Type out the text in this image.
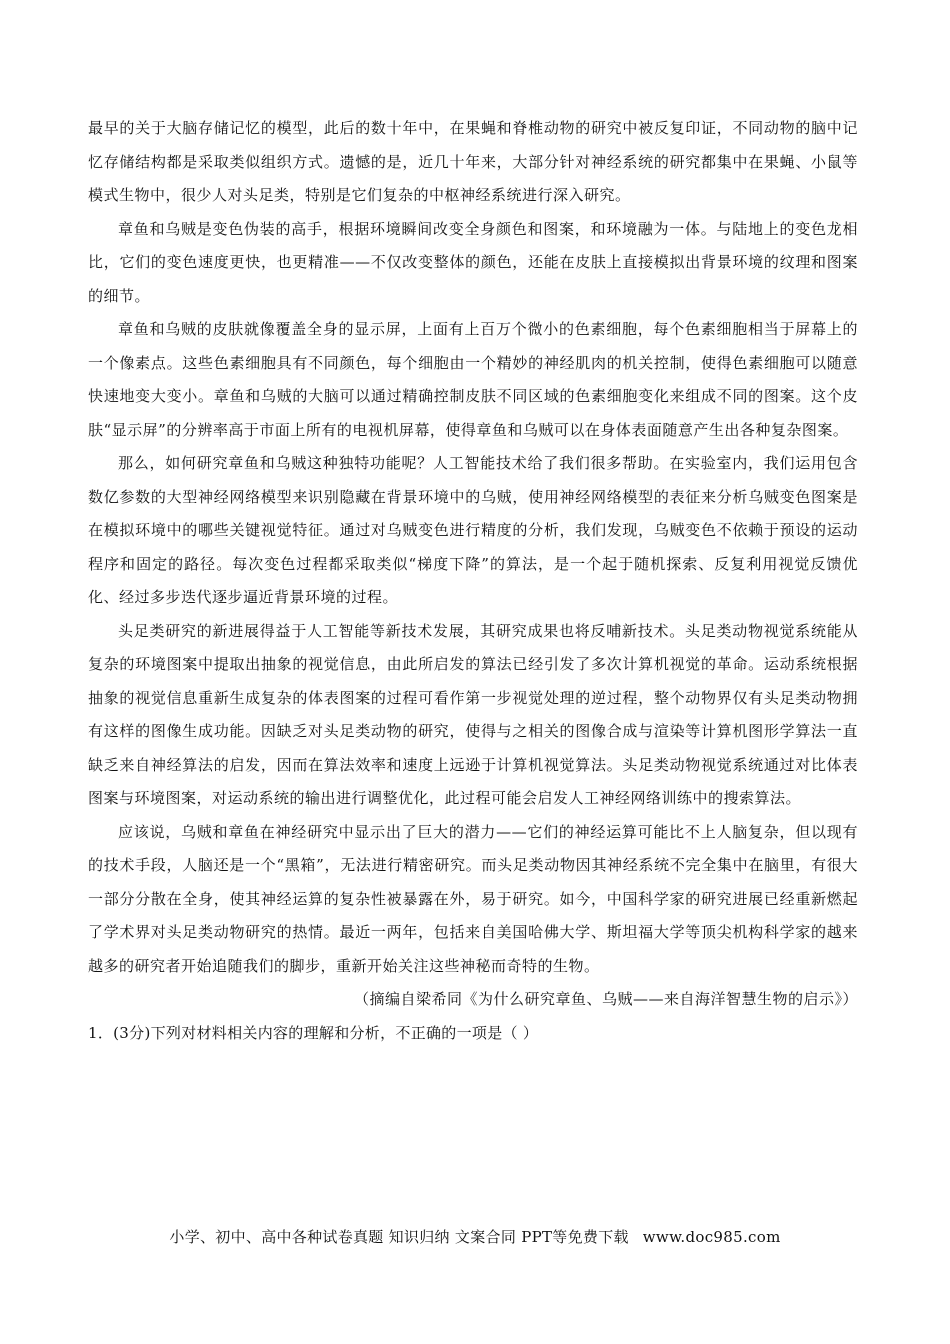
最早的关于大脑存储记忆的模型，此后的数十年中，在果蝇和脊椎动物的研究中被反复印证，不同动物的脑中记忆存储结构都是采取类似组织方式。遗憾的是，近几十年来，大部分针对神经系统的研究都集中在果蝇、小鼠等模式生物中，很少人对头足类，特别是它们复杂的中枢神经系统进行深入研究。

章鱼和乌贼是变色伪装的高手，根据环境瞬间改变全身颜色和图案，和环境融为一体。与陆地上的变色龙相比，它们的变色速度更快，也更精准——不仅改变整体的颜色，还能在皮肤上直接模拟出背景环境的纹理和图案的细节。

章鱼和乌贼的皮肤就像覆盖全身的显示屏，上面有上百万个微小的色素细胞，每个色素细胞相当于屏幕上的一个像素点。这些色素细胞具有不同颜色，每个细胞由一个精妙的神经肌肉的机关控制，使得色素细胞可以随意快速地变大变小。章鱼和乌贼的大脑可以通过精确控制皮肤不同区域的色素细胞变化来组成不同的图案。这个皮肤“显示屏”的分辨率高于市面上所有的电视机屏幕，使得章鱼和乌贼可以在身体表面随意产生出各种复杂图案。

那么，如何研究章鱼和乌贼这种独特功能呢？人工智能技术给了我们很多帮助。在实验室内，我们运用包含数亿参数的大型神经网络模型来识别隐藏在背景环境中的乌贼，使用神经网络模型的表征来分析乌贼变色图案是在模拟环境中的哪些关键视觉特征。通过对乌贼变色进行精度的分析，我们发现，乌贼变色不依赖于预设的运动程序和固定的路径。每次变色过程都采取类似“梯度下降”的算法，是一个起于随机探索、反复利用视觉反馈优化、经过多步迭代逐步逼近背景环境的过程。

头足类研究的新进展得益于人工智能等新技术发展，其研究成果也将反哺新技术。头足类动物视觉系统能从复杂的环境图案中提取出抽象的视觉信息，由此所启发的算法已经引发了多次计算机视觉的革命。运动系统根据抽象的视觉信息重新生成复杂的体表图案的过程可看作第一步视觉处理的逆过程，整个动物界仅有头足类动物拥有这样的图像生成功能。因缺乏对头足类动物的研究，使得与之相关的图像合成与渲染等计算机图形学算法一直缺乏来自神经算法的启发，因而在算法效率和速度上远逊于计算机视觉算法。头足类动物视觉系统通过对比体表图案与环境图案，对运动系统的输出进行调整优化，此过程可能会启发人工神经网络训练中的搜索算法。

应该说，乌贼和章鱼在神经研究中显示出了巨大的潜力——它们的神经运算可能比不上人脑复杂，但以现有的技术手段，人脑还是一个“黑箱”，无法进行精密研究。而头足类动物因其神经系统不完全集中在脑里，有很大一部分分散在全身，使其神经运算的复杂性被暴露在外，易于研究。如今，中国科学家的研究进展已经重新燃起了学术界对头足类动物研究的热情。最近一两年，包括来自美国哈佛大学、斯坦福大学等顶尖机构科学家的越来越多的研究者开始追随我们的脚步，重新开始关注这些神秘而奇特的生物。

（摘编自梁希同《为什么研究章鱼、乌贼——来自海洋智慧生物的启示》）

1．(3分)下列对材料相关内容的理解和分析，不正确的一项是（ ）

小学、初中、高中各种试卷真题 知识归纳 文案合同 PPT等免费下载 www.doc985.com
